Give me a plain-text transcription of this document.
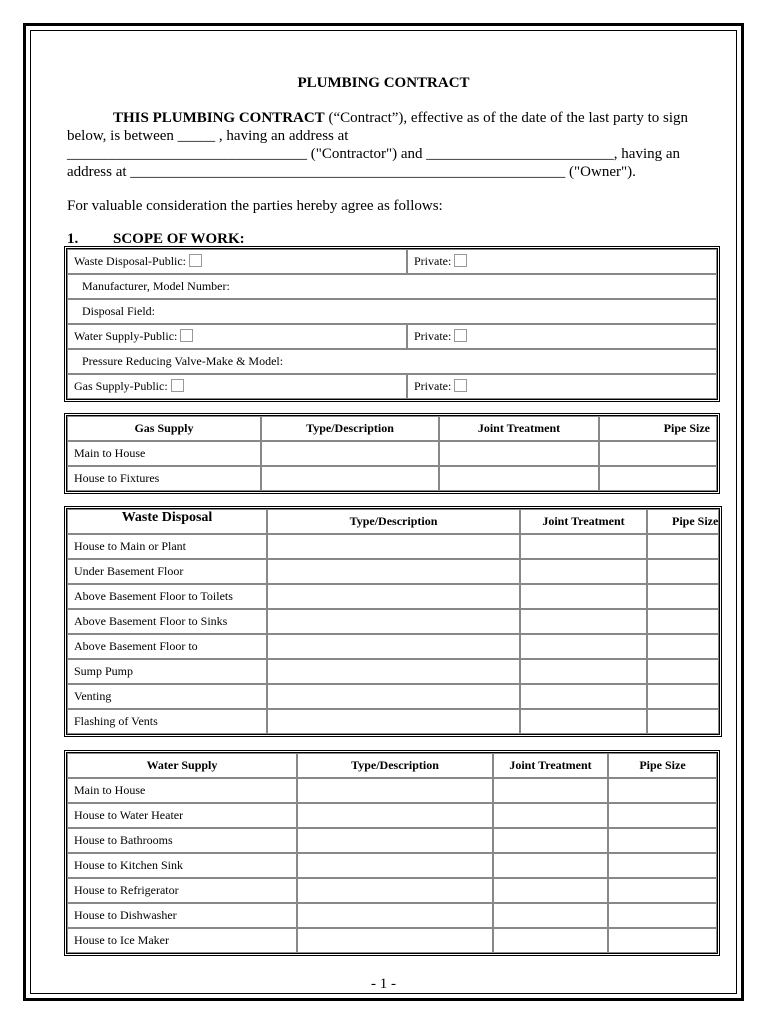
PLUMBING CONTRACT
THIS PLUMBING CONTRACT (“Contract”), effective as of the date of the last party to sign
below, is between _____ , having an address at
________________________________ ("Contractor") and _________________________, having an
address at __________________________________________________________ ("Owner").
For valuable consideration the parties hereby agree as follows:
1. SCOPE OF WORK:
Waste Disposal-Public:	Private:
Manufacturer, Model Number:	
Disposal Field:	
Water Supply-Public:	Private:
Pressure Reducing Valve-Make & Model:	
Gas Supply-Public:	Private:
Gas Supply	Type/Description	Joint Treatment	Pipe Size
Main to House			
House to Fixtures			
Waste Disposal	Type/Description	Joint Treatment	Pipe Size
House to Main or Plant			
Under Basement Floor			
Above Basement Floor to Toilets			
Above Basement Floor to Sinks			
Above Basement Floor to			
Sump Pump			
Venting			
Flashing of Vents			
Water Supply	Type/Description	Joint Treatment	Pipe Size
Main to House			
House to Water Heater			
House to Bathrooms			
House to Kitchen Sink			
House to Refrigerator			
House to Dishwasher			
House to Ice Maker			
- 1 -
